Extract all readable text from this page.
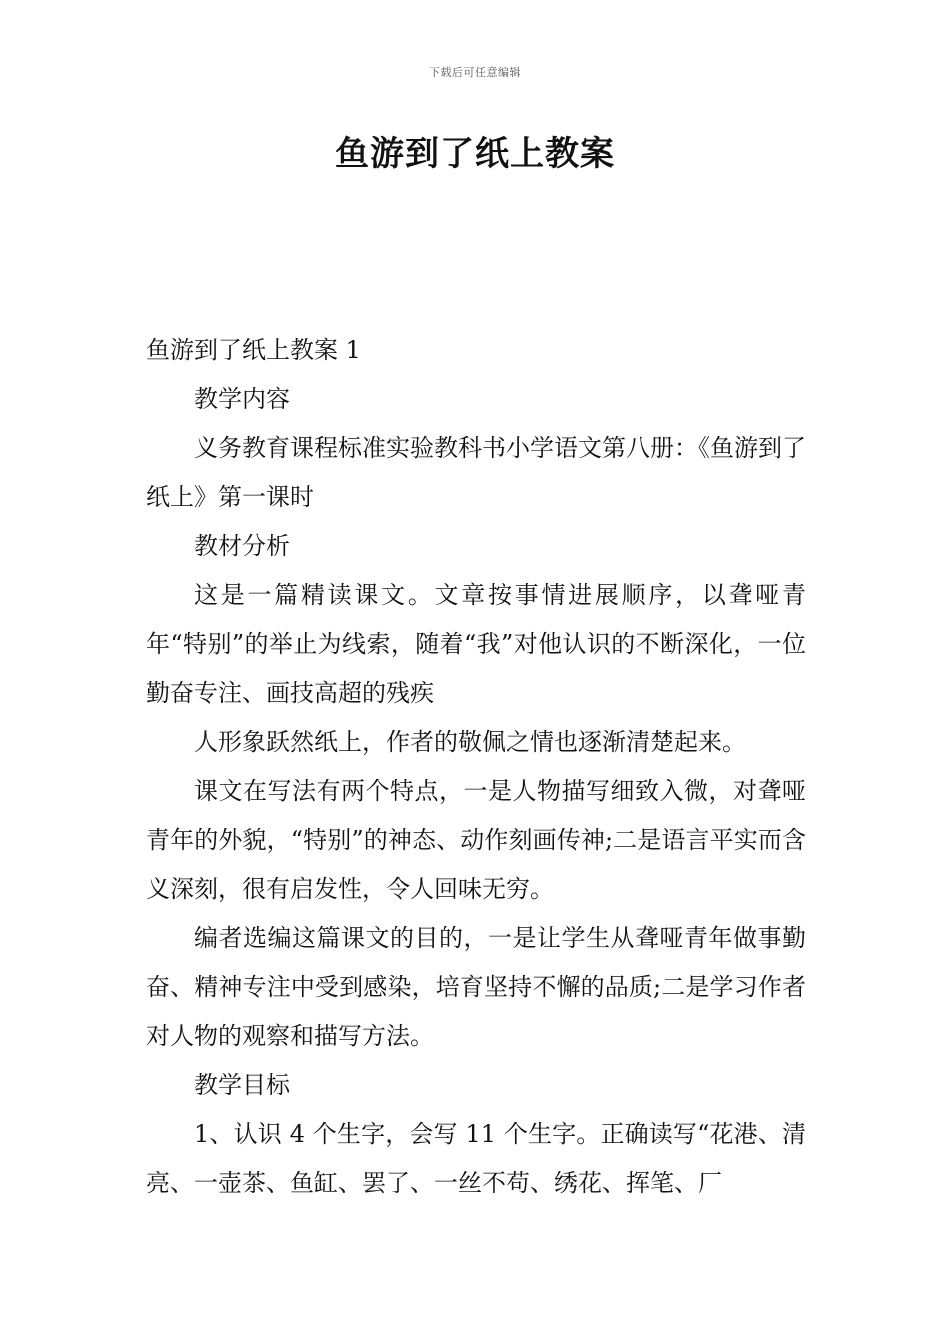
下载后可任意编辑
鱼游到了纸上教案

鱼游到了纸上教案 1

教学内容

义务教育课程标准实验教科书小学语文第八册：《鱼游到了纸上》第一课时

教材分析

这是一篇精读课文。文章按事情进展顺序，以聋哑青年“特别”的举止为线索，随着“我”对他认识的不断深化，一位勤奋专注、画技高超的残疾

人形象跃然纸上，作者的敬佩之情也逐渐清楚起来。

课文在写法有两个特点，一是人物描写细致入微，对聋哑青年的外貌，“特别”的神态、动作刻画传神;二是语言平实而含义深刻，很有启发性，令人回味无穷。

编者选编这篇课文的目的，一是让学生从聋哑青年做事勤奋、精神专注中受到感染，培育坚持不懈的品质;二是学习作者对人物的观察和描写方法。

教学目标

1、认识 4 个生字，会写 11 个生字。正确读写“花港、清亮、一壶茶、鱼缸、罢了、一丝不苟、绣花、挥笔、厂
